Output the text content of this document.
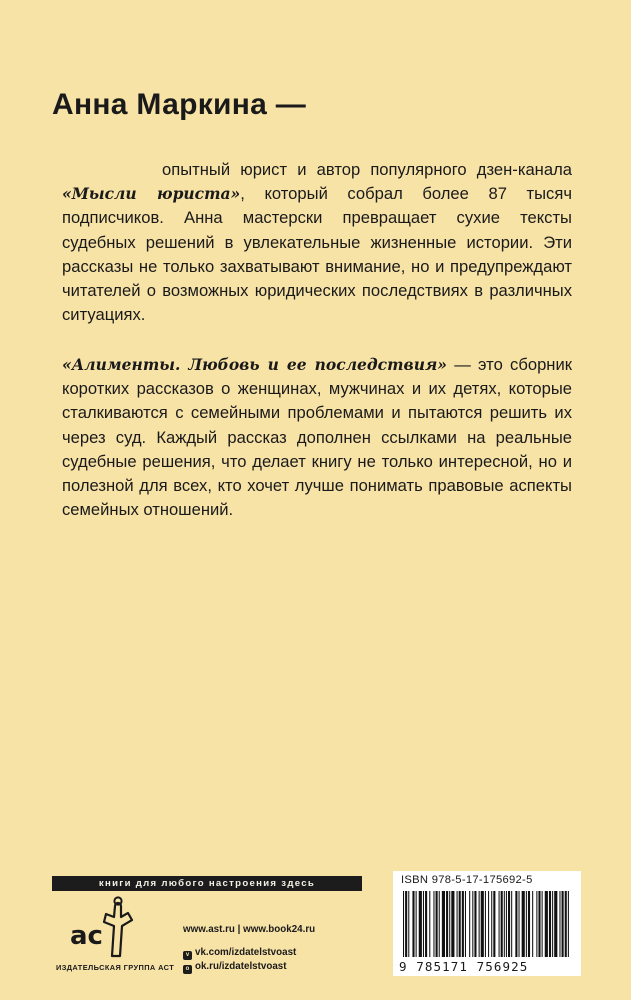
Анна Маркина —

опытный юрист и автор популярного дзен-канала «Мысли юриста», который собрал более 87 тысяч подписчиков. Анна мастерски превращает сухие тексты судебных решений в увлекательные жизненные истории. Эти рассказы не только захватывают внимание, но и предупреждают читателей о возможных юридических последствиях в различных ситуациях.

«Алименты. Любовь и ее последствия» — это сборник коротких рассказов о женщинах, мужчинах и их детях, которые сталкиваются с семейными проблемами и пытаются решить их через суд. Каждый рассказ дополнен ссылками на реальные судебные решения, что делает книгу не только интересной, но и полезной для всех, кто хочет лучше понимать правовые аспекты семейных отношений.

книги для любого настроения здесь
ac
ИЗДАТЕЛЬСКАЯ ГРУППА АСТ
www.ast.ru | www.book24.ru
v vk.com/izdatelstvoast
o ok.ru/izdatelstvoast
ISBN 978-5-17-175692-5
9 785171 756925
